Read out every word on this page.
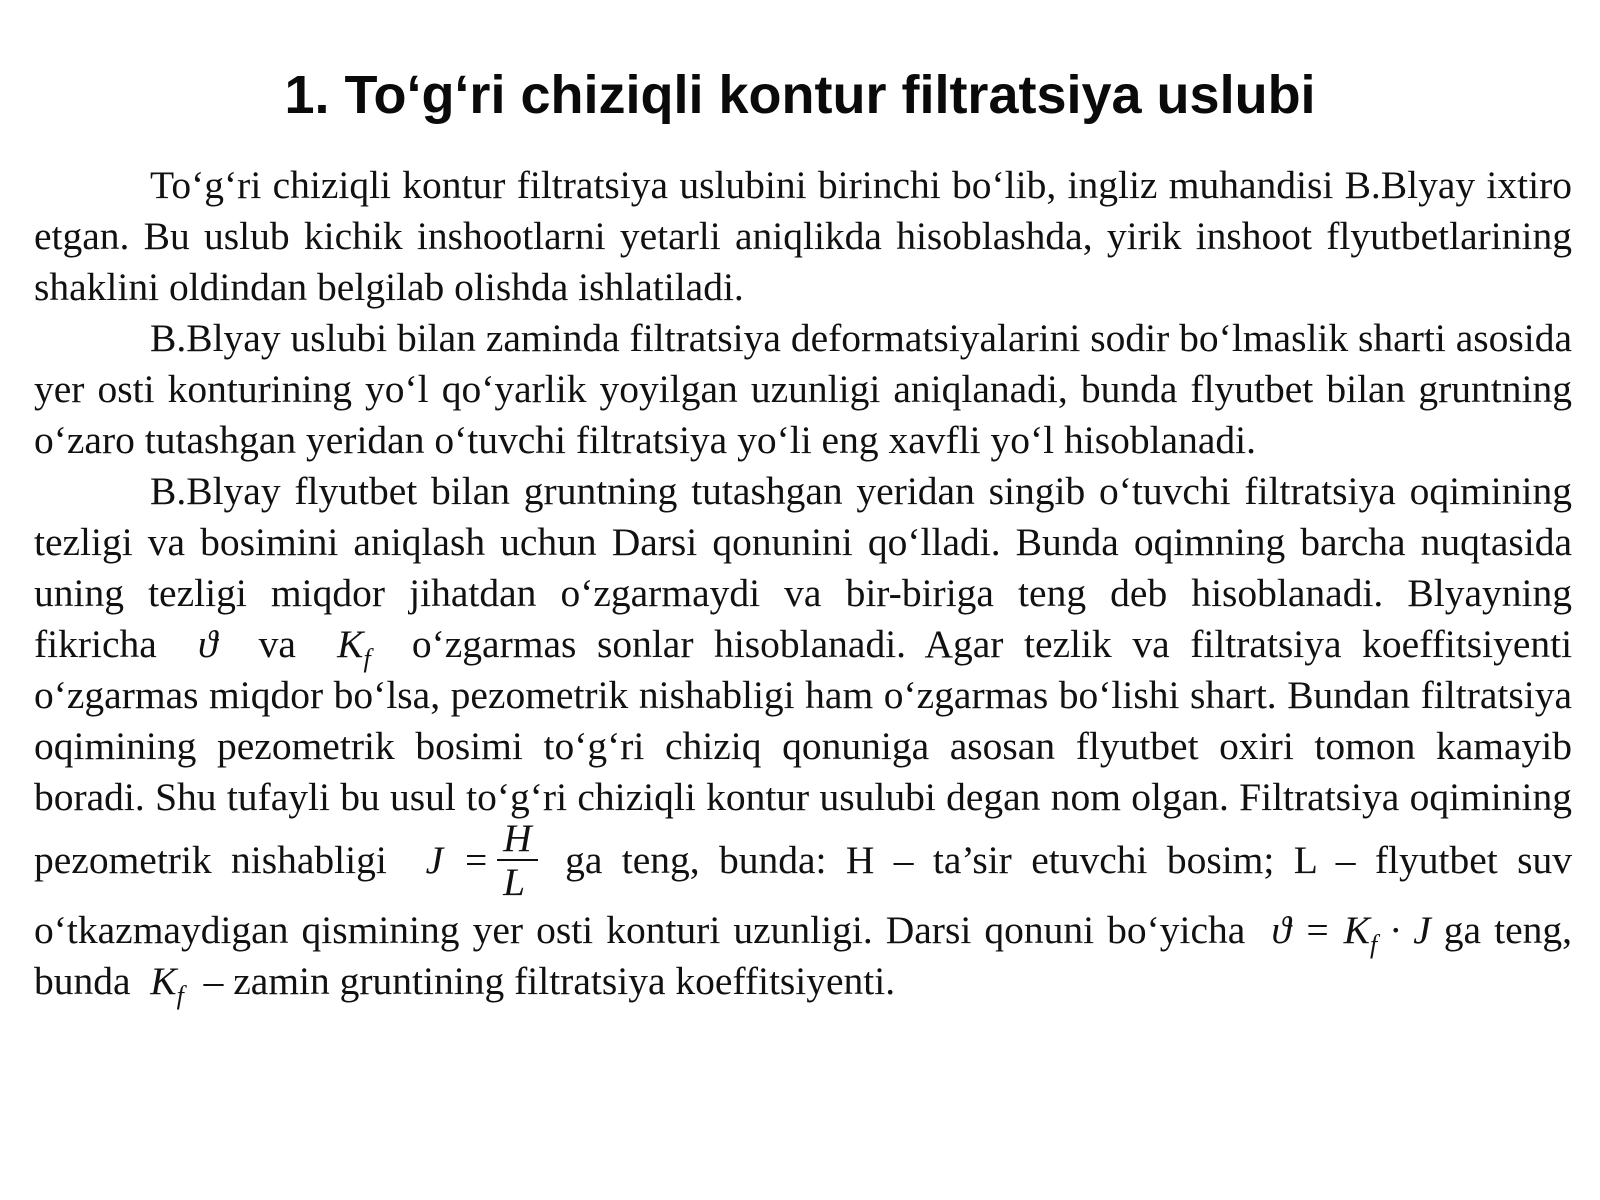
1. To‘g‘ri chiziqli kontur filtratsiya uslubi

To‘g‘ri chiziqli kontur filtratsiya uslubini birinchi bo‘lib, ingliz muhandisi B.Blyay ixtiro etgan. Bu uslub kichik inshootlarni yetarli aniqlikda hisoblashda, yirik inshoot flyutbetlarining shaklini oldindan belgilab olishda ishlatiladi.

B.Blyay uslubi bilan zaminda filtratsiya deformatsiyalarini sodir bo‘lmaslik sharti asosida yer osti konturining yo‘l qo‘yarlik yoyilgan uzunligi aniqlanadi, bunda flyutbet bilan gruntning o‘zaro tutashgan yeridan o‘tuvchi filtratsiya yo‘li eng xavfli yo‘l hisoblanadi.

B.Blyay flyutbet bilan gruntning tutashgan yeridan singib o‘tuvchi filtratsiya oqimining tezligi va bosimini aniqlash uchun Darsi qonunini qo‘lladi. Bunda oqimning barcha nuqtasida uning tezligi miqdor jihatdan o‘zgarmaydi va bir-biriga teng deb hisoblanadi. Blyayning fikricha ϑ va $K_f$ o‘zgarmas sonlar hisoblanadi. Agar tezlik va filtratsiya koeffitsiyenti o‘zgarmas miqdor bo‘lsa, pezometrik nishabligi ham o‘zgarmas bo‘lishi shart. Bundan filtratsiya oqimining pezometrik bosimi to‘g‘ri chiziq qonuniga asosan flyutbet oxiri tomon kamayib boradi. Shu tufayli bu usul to‘g‘ri chiziqli kontur usulubi degan nom olgan. Filtratsiya oqimining pezometrik nishabligi $J = \frac{H}{L}$ ga teng, bunda: H – ta’sir etuvchi bosim; L – flyutbet suv o‘tkazmaydigan qismining yer osti konturi uzunligi. Darsi qonuni bo‘yicha $ϑ = K_f \cdot J$ ga teng, bunda $K_f$ – zamin gruntining filtratsiya koeffitsiyenti.
